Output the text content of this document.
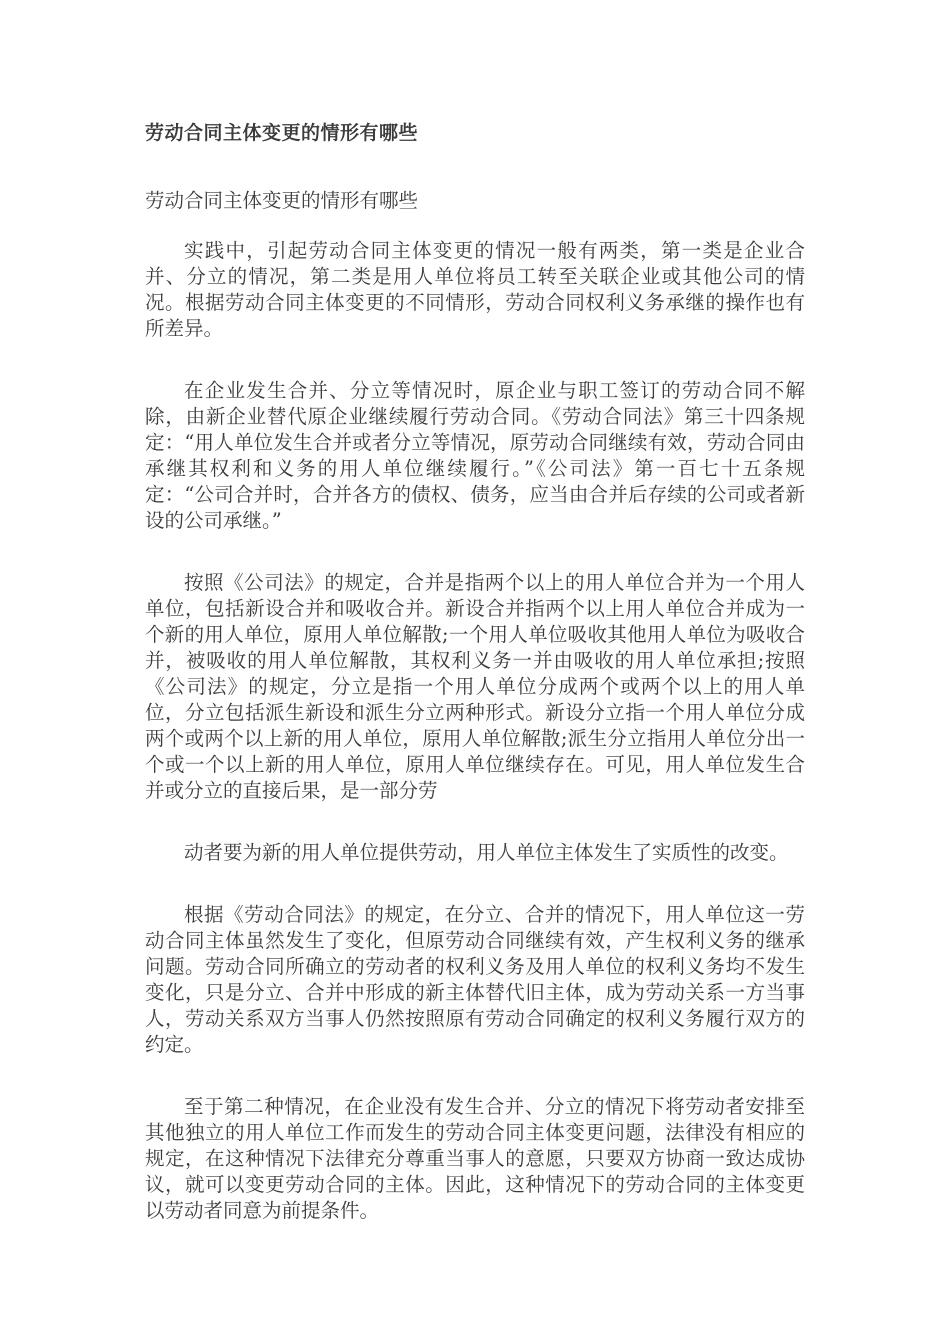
劳动合同主体变更的情形有哪些
劳动合同主体变更的情形有哪些

实践中，引起劳动合同主体变更的情况一般有两类，第一类是企业合并、分立的情况，第二类是用人单位将员工转至关联企业或其他公司的情况。根据劳动合同主体变更的不同情形，劳动合同权利义务承继的操作也有所差异。

在企业发生合并、分立等情况时，原企业与职工签订的劳动合同不解除，由新企业替代原企业继续履行劳动合同。《劳动合同法》第三十四条规定：“用人单位发生合并或者分立等情况，原劳动合同继续有效，劳动合同由承继其权利和义务的用人单位继续履行。”《公司法》第一百七十五条规定：“公司合并时，合并各方的债权、债务，应当由合并后存续的公司或者新设的公司承继。”

按照《公司法》的规定，合并是指两个以上的用人单位合并为一个用人单位，包括新设合并和吸收合并。新设合并指两个以上用人单位合并成为一个新的用人单位，原用人单位解散;一个用人单位吸收其他用人单位为吸收合并，被吸收的用人单位解散，其权利义务一并由吸收的用人单位承担;按照《公司法》的规定，分立是指一个用人单位分成两个或两个以上的用人单位，分立包括派生新设和派生分立两种形式。新设分立指一个用人单位分成两个或两个以上新的用人单位，原用人单位解散;派生分立指用人单位分出一个或一个以上新的用人单位，原用人单位继续存在。可见，用人单位发生合并或分立的直接后果，是一部分劳

动者要为新的用人单位提供劳动，用人单位主体发生了实质性的改变。

根据《劳动合同法》的规定，在分立、合并的情况下，用人单位这一劳动合同主体虽然发生了变化，但原劳动合同继续有效，产生权利义务的继承问题。劳动合同所确立的劳动者的权利义务及用人单位的权利义务均不发生变化，只是分立、合并中形成的新主体替代旧主体，成为劳动关系一方当事人，劳动关系双方当事人仍然按照原有劳动合同确定的权利义务履行双方的约定。

至于第二种情况，在企业没有发生合并、分立的情况下将劳动者安排至其他独立的用人单位工作而发生的劳动合同主体变更问题，法律没有相应的规定，在这种情况下法律充分尊重当事人的意愿，只要双方协商一致达成协议，就可以变更劳动合同的主体。因此，这种情况下的劳动合同的主体变更以劳动者同意为前提条件。
